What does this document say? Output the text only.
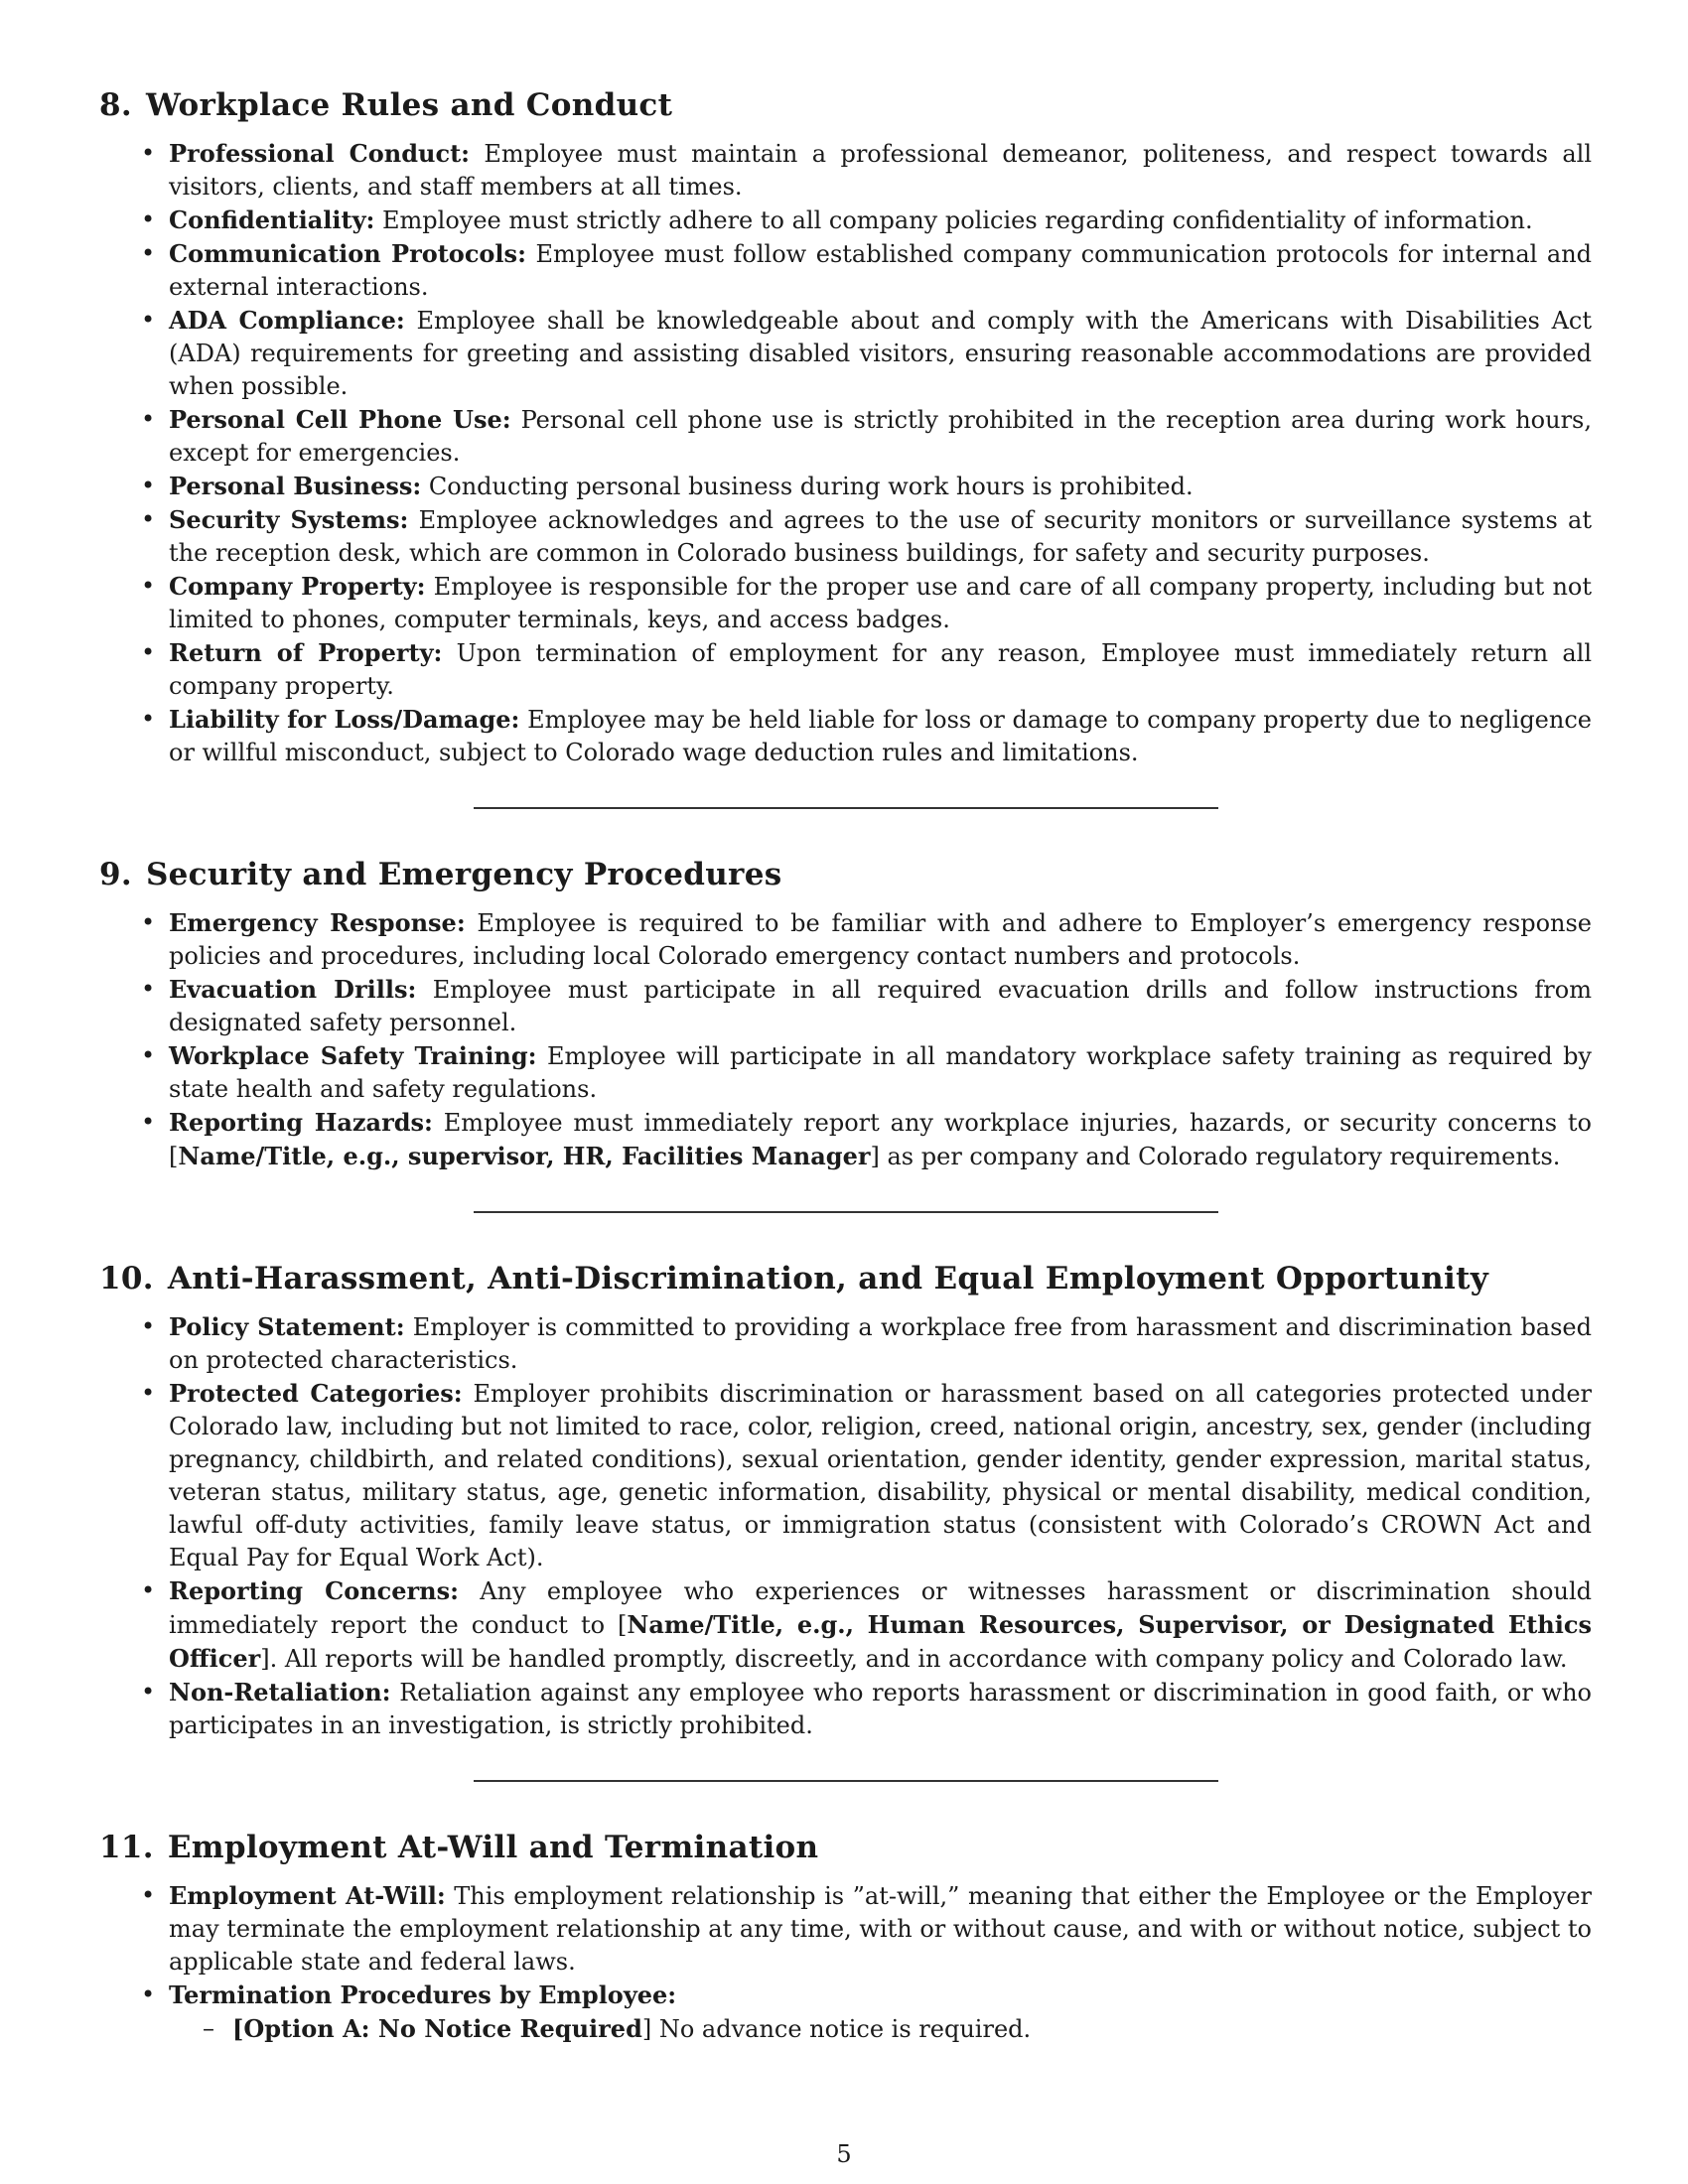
8. Workplace Rules and Conduct
• Professional Conduct: Employee must maintain a professional demeanor, politeness, and respect towards all visitors, clients, and staff members at all times.
• Confidentiality: Employee must strictly adhere to all company policies regarding confidentiality of information.
• Communication Protocols: Employee must follow established company communication protocols for internal and external interactions.
• ADA Compliance: Employee shall be knowledgeable about and comply with the Americans with Disabilities Act (ADA) requirements for greeting and assisting disabled visitors, ensuring reasonable accommodations are provided when possible.
• Personal Cell Phone Use: Personal cell phone use is strictly prohibited in the reception area during work hours, except for emergencies.
• Personal Business: Conducting personal business during work hours is prohibited.
• Security Systems: Employee acknowledges and agrees to the use of security monitors or surveillance systems at the reception desk, which are common in Colorado business buildings, for safety and security purposes.
• Company Property: Employee is responsible for the proper use and care of all company property, including but not limited to phones, computer terminals, keys, and access badges.
• Return of Property: Upon termination of employment for any reason, Employee must immediately return all company property.
• Liability for Loss/Damage: Employee may be held liable for loss or damage to company property due to negligence or willful misconduct, subject to Colorado wage deduction rules and limitations.
9. Security and Emergency Procedures
• Emergency Response: Employee is required to be familiar with and adhere to Employer’s emergency response policies and procedures, including local Colorado emergency contact numbers and protocols.
• Evacuation Drills: Employee must participate in all required evacuation drills and follow instructions from designated safety personnel.
• Workplace Safety Training: Employee will participate in all mandatory workplace safety training as required by state health and safety regulations.
• Reporting Hazards: Employee must immediately report any workplace injuries, hazards, or security concerns to [Name/Title, e.g., supervisor, HR, Facilities Manager] as per company and Colorado regulatory requirements.
10. Anti-Harassment, Anti-Discrimination, and Equal Employment Opportunity
• Policy Statement: Employer is committed to providing a workplace free from harassment and discrimination based on protected characteristics.
• Protected Categories: Employer prohibits discrimination or harassment based on all categories protected under Colorado law, including but not limited to race, color, religion, creed, national origin, ancestry, sex, gender (including pregnancy, childbirth, and related conditions), sexual orientation, gender identity, gender expression, marital status, veteran status, military status, age, genetic information, disability, physical or mental disability, medical condition, lawful off-duty activities, family leave status, or immigration status (consistent with Colorado’s CROWN Act and Equal Pay for Equal Work Act).
• Reporting Concerns: Any employee who experiences or witnesses harassment or discrimination should immediately report the conduct to [Name/Title, e.g., Human Resources, Supervisor, or Designated Ethics Officer]. All reports will be handled promptly, discreetly, and in accordance with company policy and Colorado law.
• Non-Retaliation: Retaliation against any employee who reports harassment or discrimination in good faith, or who participates in an investigation, is strictly prohibited.
11. Employment At-Will and Termination
• Employment At-Will: This employment relationship is ”at-will,” meaning that either the Employee or the Employer may terminate the employment relationship at any time, with or without cause, and with or without notice, subject to applicable state and federal laws.
• Termination Procedures by Employee:
– [Option A: No Notice Required] No advance notice is required.
5
